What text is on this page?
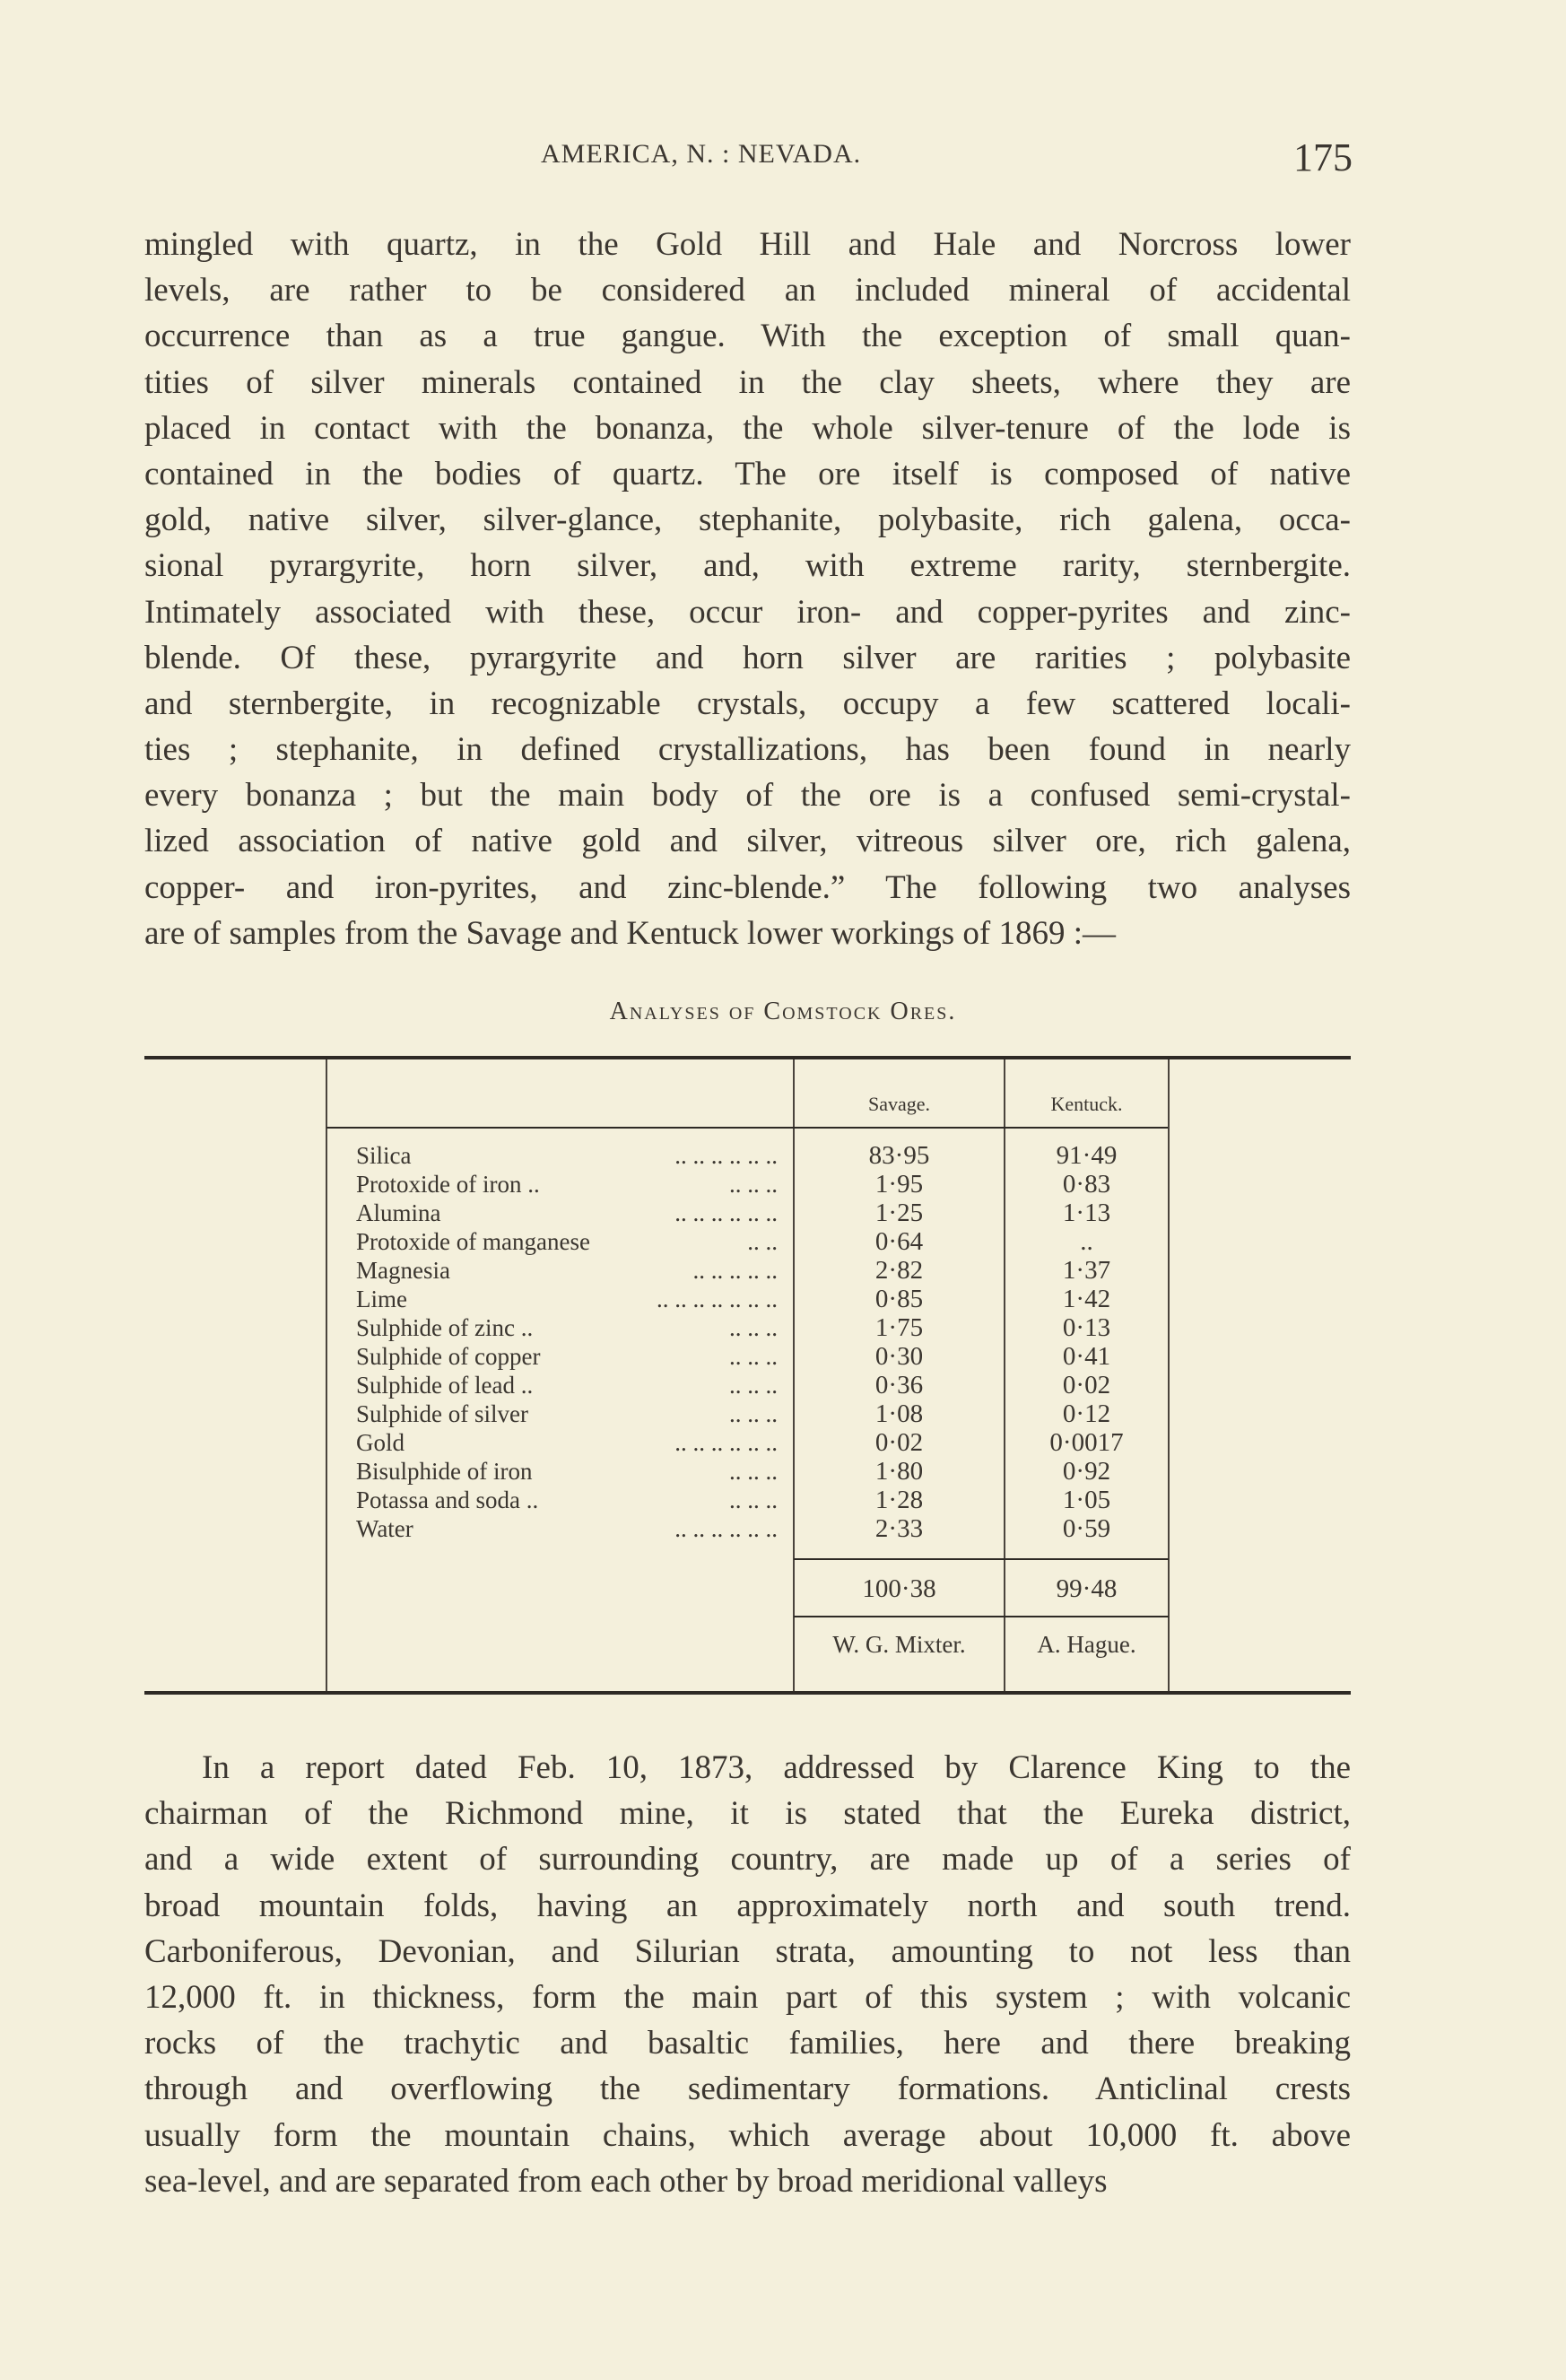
AMERICA, N. : NEVADA.	175
mingled with quartz, in the Gold Hill and Hale and Norcross lower
levels, are rather to be considered an included mineral of accidental
occurrence than as a true gangue. With the exception of small quan-
tities of silver minerals contained in the clay sheets, where they are
placed in contact with the bonanza, the whole silver-tenure of the lode is
contained in the bodies of quartz. The ore itself is composed of native
gold, native silver, silver-glance, stephanite, polybasite, rich galena, occa-
sional pyrargyrite, horn silver, and, with extreme rarity, sternbergite.
Intimately associated with these, occur iron- and copper-pyrites and zinc-
blende. Of these, pyrargyrite and horn silver are rarities ; polybasite
and sternbergite, in recognizable crystals, occupy a few scattered locali-
ties ; stephanite, in defined crystallizations, has been found in nearly
every bonanza ; but the main body of the ore is a confused semi-crystal-
lized association of native gold and silver, vitreous silver ore, rich galena,
copper- and iron-pyrites, and zinc-blende.” The following two analyses
are of samples from the Savage and Kentuck lower workings of 1869 :—
Analyses of Comstock Ores.
Savage.	Kentuck.
Silica	.. .. .. .. .. ..	83·95	91·49
Protoxide of iron ..	.. .. ..	1·95	0·83
Alumina	.. .. .. .. .. ..	1·25	1·13
Protoxide of manganese	.. ..	0·64	..
Magnesia	.. .. .. .. ..	2·82	1·37
Lime	.. .. .. .. .. .. ..	0·85	1·42
Sulphide of zinc ..	.. .. ..	1·75	0·13
Sulphide of copper	.. .. ..	0·30	0·41
Sulphide of lead ..	.. .. ..	0·36	0·02
Sulphide of silver	.. .. ..	1·08	0·12
Gold	.. .. .. .. .. ..	0·02	0·0017
Bisulphide of iron	.. .. ..	1·80	0·92
Potassa and soda ..	.. .. ..	1·28	1·05
Water	.. .. .. .. .. ..	2·33	0·59
100·38	99·48
W. G. Mixter.	A. Hague.
In a report dated Feb. 10, 1873, addressed by Clarence King to the
chairman of the Richmond mine, it is stated that the Eureka district,
and a wide extent of surrounding country, are made up of a series of
broad mountain folds, having an approximately north and south trend.
Carboniferous, Devonian, and Silurian strata, amounting to not less than
12,000 ft. in thickness, form the main part of this system ; with volcanic
rocks of the trachytic and basaltic families, here and there breaking
through and overflowing the sedimentary formations. Anticlinal crests
usually form the mountain chains, which average about 10,000 ft. above
sea-level, and are separated from each other by broad meridional valleys
